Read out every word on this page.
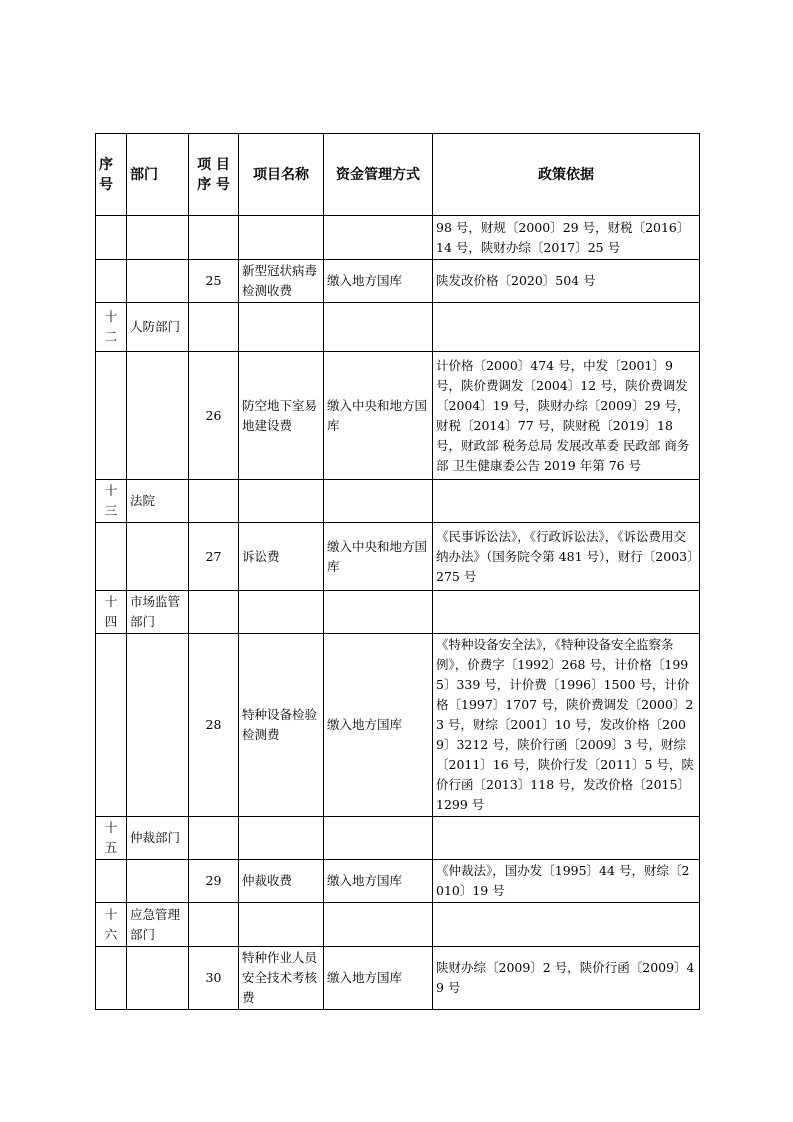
序 号	部门	项 目 序 号	项目名称	资金管理方式	政策依据
					98 号，财规〔2000〕29 号，财税〔2016〕14 号，陕财办综〔2017〕25 号
		25	新型冠状病毒检测收费	缴入地方国库	陕发改价格〔2020〕504 号
十二	人防部门				
		26	防空地下室易地建设费	缴入中央和地方国库	计价格〔2000〕474 号，中发〔2001〕9 号，陕价费调发〔2004〕12 号，陕价费调发〔2004〕19 号，陕财办综〔2009〕29 号，财税〔2014〕77 号，陕财税〔2019〕18 号，财政部 税务总局 发展改革委 民政部 商务部 卫生健康委公告 2019 年第 76 号
十三	法院				
		27	诉讼费	缴入中央和地方国库	《民事诉讼法》，《行政诉讼法》，《诉讼费用交纳办法》（国务院令第 481 号），财行〔2003〕275 号
十四	市场监管部门				
		28	特种设备检验检测费	缴入地方国库	《特种设备安全法》，《特种设备安全监察条例》，价费字〔1992〕268 号，计价格〔1995〕339 号，计价费〔1996〕1500 号，计价格〔1997〕1707 号，陕价费调发〔2000〕23 号，财综〔2001〕10 号，发改价格〔2009〕3212 号，陕价行函〔2009〕3 号，财综〔2011〕16 号，陕价行发〔2011〕5 号，陕价行函〔2013〕118 号，发改价格〔2015〕1299 号
十五	仲裁部门				
		29	仲裁收费	缴入地方国库	《仲裁法》，国办发〔1995〕44 号，财综〔2010〕19 号
十六	应急管理部门				
		30	特种作业人员安全技术考核费	缴入地方国库	陕财办综〔2009〕2 号，陕价行函〔2009〕49 号
